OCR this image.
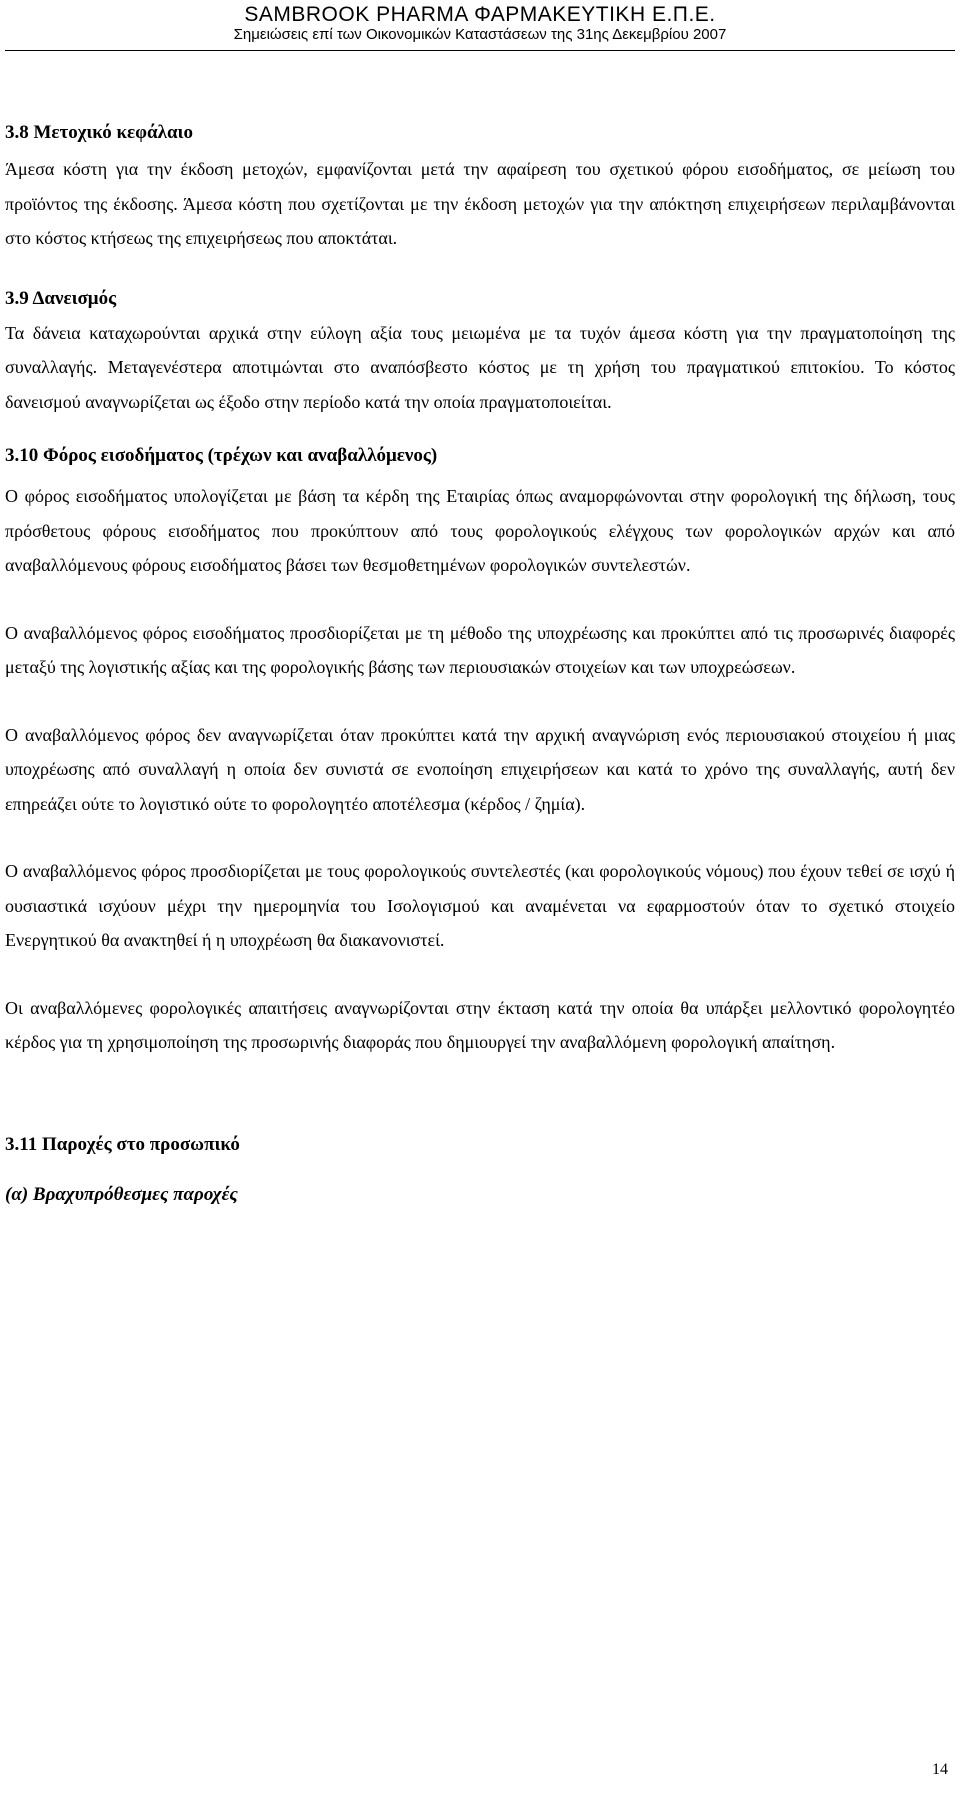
SAMBROOK PHARMA ΦΑΡΜΑΚΕΥΤΙΚΗ Ε.Π.Ε.
Σημειώσεις επί των Οικονομικών Καταστάσεων της 31ης Δεκεμβρίου 2007
3.8 Μετοχικό κεφάλαιο

Άμεσα κόστη για την έκδοση μετοχών, εμφανίζονται μετά την αφαίρεση του σχετικού φόρου εισοδήματος, σε μείωση του προϊόντος της έκδοσης. Άμεσα κόστη που σχετίζονται με την έκδοση μετοχών για την απόκτηση επιχειρήσεων περιλαμβάνονται στο κόστος κτήσεως της επιχειρήσεως που αποκτάται.

3.9 Δανεισμός

Τα δάνεια καταχωρούνται αρχικά στην εύλογη αξία τους μειωμένα με τα τυχόν άμεσα κόστη για την πραγματοποίηση της συναλλαγής. Μεταγενέστερα αποτιμώνται στο αναπόσβεστο κόστος με τη χρήση του πραγματικού επιτοκίου. Το κόστος δανεισμού αναγνωρίζεται ως έξοδο στην περίοδο κατά την οποία πραγματοποιείται.

3.10 Φόρος εισοδήματος (τρέχων και αναβαλλόμενος)

Ο φόρος εισοδήματος υπολογίζεται με βάση τα κέρδη της Εταιρίας όπως αναμορφώνονται στην φορολογική της δήλωση, τους πρόσθετους φόρους εισοδήματος που προκύπτουν από τους φορολογικούς ελέγχους των φορολογικών αρχών και από αναβαλλόμενους φόρους εισοδήματος βάσει των θεσμοθετημένων φορολογικών συντελεστών.

Ο αναβαλλόμενος φόρος εισοδήματος προσδιορίζεται με τη μέθοδο της υποχρέωσης και προκύπτει από τις προσωρινές διαφορές μεταξύ της λογιστικής αξίας και της φορολογικής βάσης των περιουσιακών στοιχείων και των υποχρεώσεων.

Ο αναβαλλόμενος φόρος δεν αναγνωρίζεται όταν προκύπτει κατά την αρχική αναγνώριση ενός περιουσιακού στοιχείου ή μιας υποχρέωσης από συναλλαγή η οποία δεν συνιστά σε ενοποίηση επιχειρήσεων και κατά το χρόνο της συναλλαγής, αυτή δεν επηρεάζει ούτε το λογιστικό ούτε το φορολογητέο αποτέλεσμα (κέρδος / ζημία).

Ο αναβαλλόμενος φόρος προσδιορίζεται με τους φορολογικούς συντελεστές (και φορολογικούς νόμους) που έχουν τεθεί σε ισχύ ή ουσιαστικά ισχύουν μέχρι την ημερομηνία του Ισολογισμού και αναμένεται να εφαρμοστούν όταν το σχετικό στοιχείο Ενεργητικού θα ανακτηθεί ή η υποχρέωση θα διακανονιστεί.

Οι αναβαλλόμενες φορολογικές απαιτήσεις αναγνωρίζονται στην έκταση κατά την οποία θα υπάρξει μελλοντικό φορολογητέο κέρδος για τη χρησιμοποίηση της προσωρινής διαφοράς που δημιουργεί την αναβαλλόμενη φορολογική απαίτηση.

3.11 Παροχές στο προσωπικό
(α) Βραχυπρόθεσμες παροχές
14
